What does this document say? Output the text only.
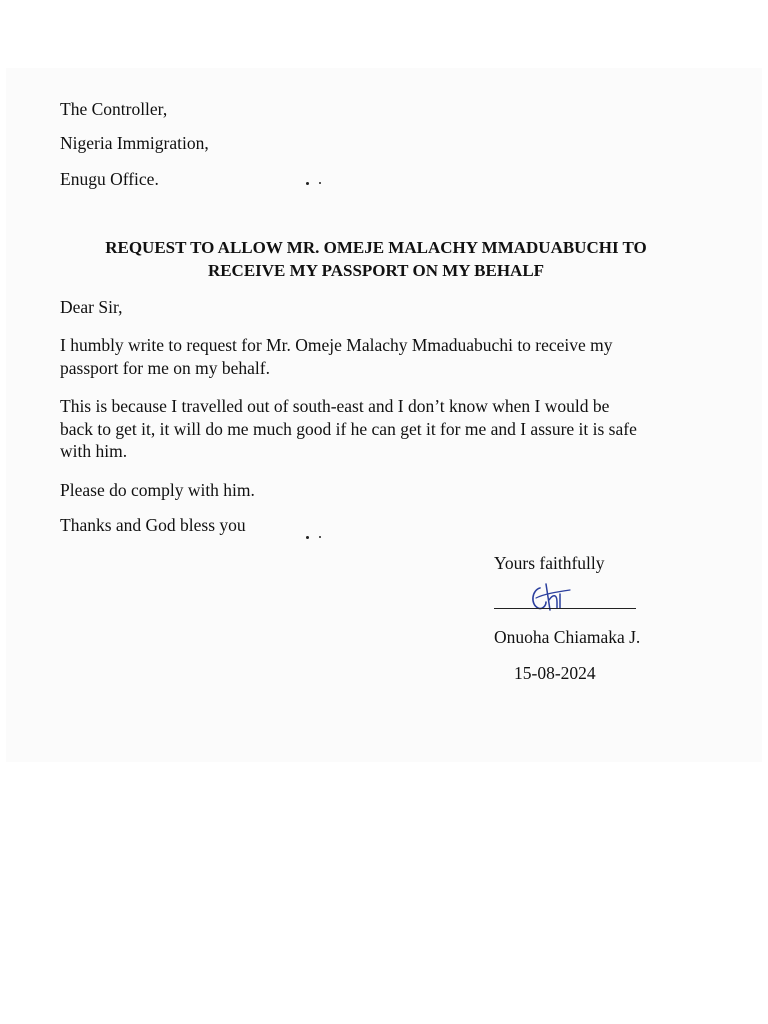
The Controller,
Nigeria Immigration,
Enugu Office.
REQUEST TO ALLOW MR. OMEJE MALACHY MMADUABUCHI TO
RECEIVE MY PASSPORT ON MY BEHALF
Dear Sir,
I humbly write to request for Mr. Omeje Malachy Mmaduabuchi to receive my
passport for me on my behalf.
This is because I travelled out of south-east and I don’t know when I would be
back to get it, it will do me much good if he can get it for me and I assure it is safe
with him.
Please do comply with him.
Thanks and God bless you
Yours faithfully
Onuoha Chiamaka J.
15-08-2024
